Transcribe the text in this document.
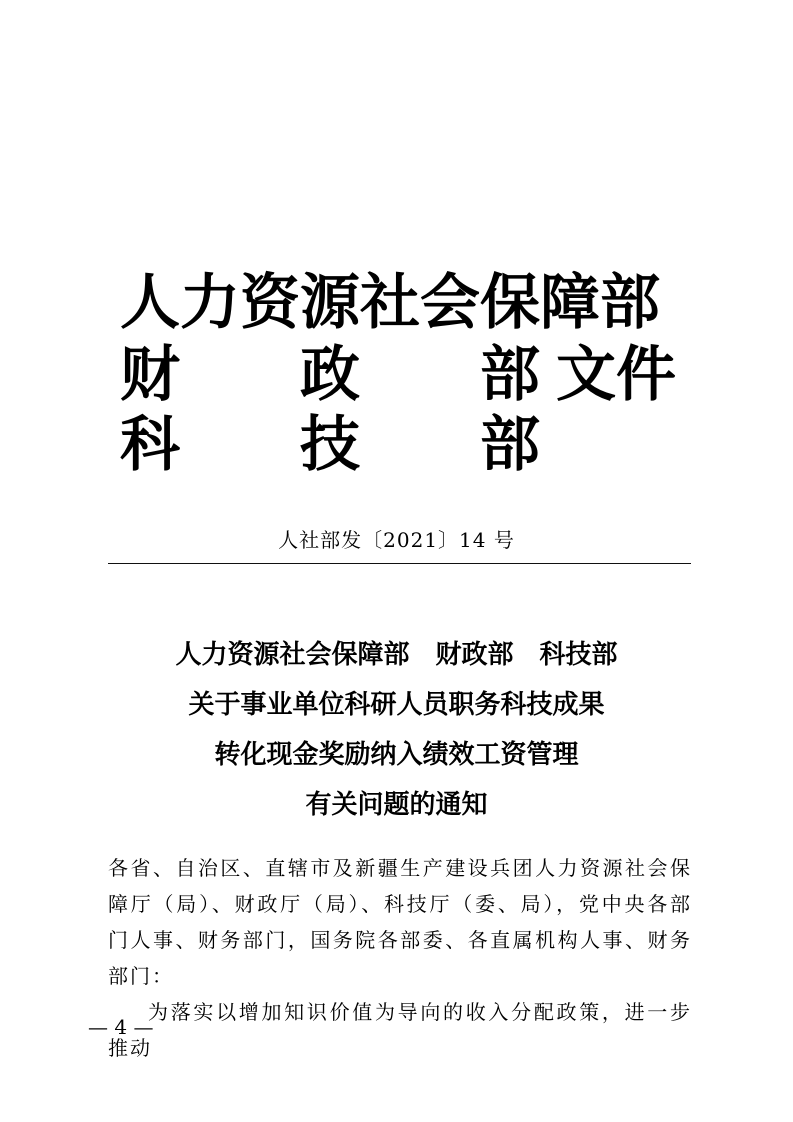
人力资源社会保障部
财 政 部 文件
科 技 部
人社部发〔2021〕14 号
人力资源社会保障部　财政部　科技部
关于事业单位科研人员职务科技成果
转化现金奖励纳入绩效工资管理
有关问题的通知

各省、自治区、直辖市及新疆生产建设兵团人力资源社会保障厅（局）、财政厅（局）、科技厅（委、局），党中央各部门人事、财务部门，国务院各部委、各直属机构人事、财务部门：

为落实以增加知识价值为导向的收入分配政策，进一步推动

— 4 —
